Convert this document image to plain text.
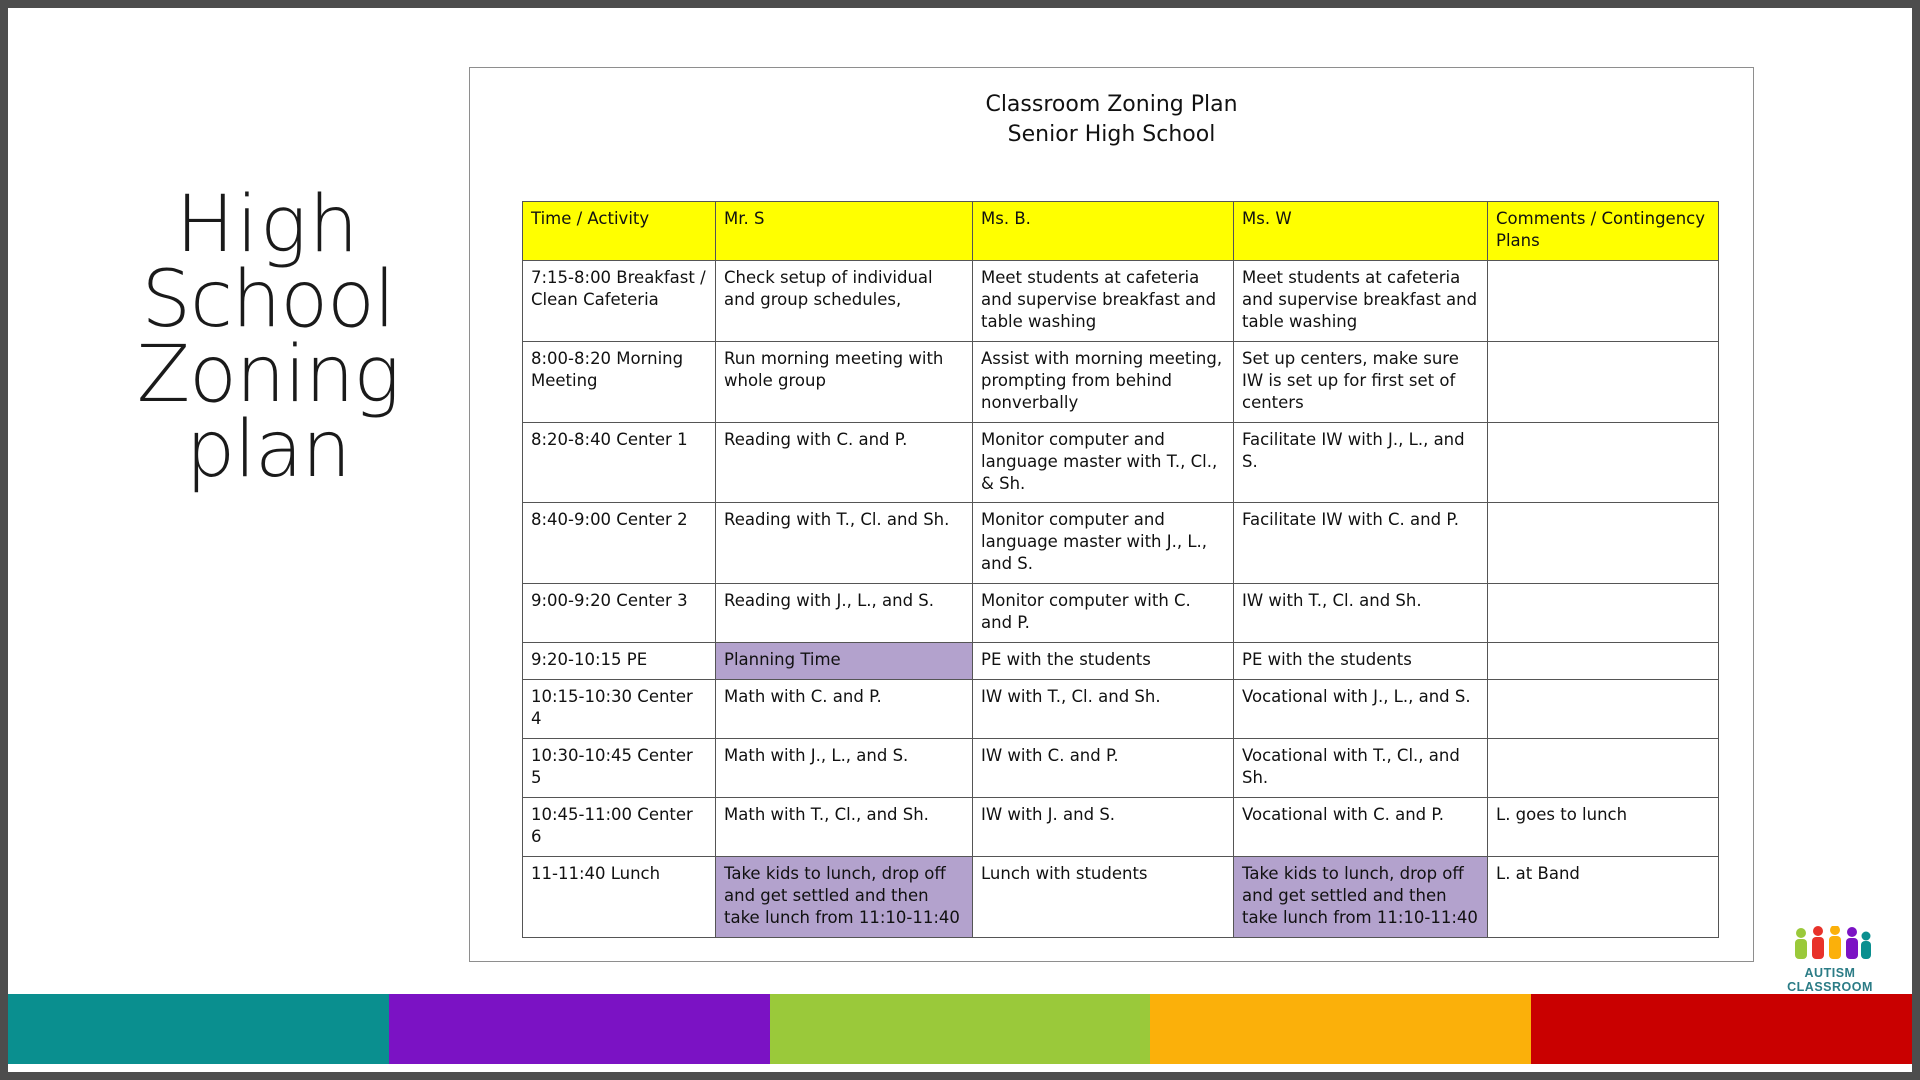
High
School
Zoning
plan
Classroom Zoning Plan
Senior High School
Time / Activity	Mr. S	Ms. B.	Ms. W	Comments / Contingency Plans
7:15-8:00 Breakfast / Clean Cafeteria	Check setup of individual and group schedules,	Meet students at cafeteria and supervise breakfast and table washing	Meet students at cafeteria and supervise breakfast and table washing	
8:00-8:20 Morning Meeting	Run morning meeting with whole group	Assist with morning meeting, prompting from behind nonverbally	Set up centers, make sure IW is set up for first set of centers	
8:20-8:40 Center 1	Reading with C. and P.	Monitor computer and language master with T., Cl., & Sh.	Facilitate IW with J., L., and S.	
8:40-9:00 Center 2	Reading with T., Cl. and Sh.	Monitor computer and language master with J., L., and S.	Facilitate IW with C. and P.	
9:00-9:20 Center 3	Reading with J., L., and S.	Monitor computer with C. and P.	IW with T., Cl. and Sh.	
9:20-10:15 PE	Planning Time	PE with the students	PE with the students	
10:15-10:30 Center 4	Math with C. and P.	IW with T., Cl. and Sh.	Vocational with J., L., and S.	
10:30-10:45 Center 5	Math with J., L., and S.	IW with C. and P.	Vocational with T., Cl., and Sh.	
10:45-11:00 Center 6	Math with T., Cl., and Sh.	IW with J. and S.	Vocational with C. and P.	L. goes to lunch
11-11:40 Lunch	Take kids to lunch, drop off and get settled and then take lunch from 11:10-11:40	Lunch with students	Take kids to lunch, drop off and get settled and then take lunch from 11:10-11:40	L. at Band
AUTISM CLASSROOM
